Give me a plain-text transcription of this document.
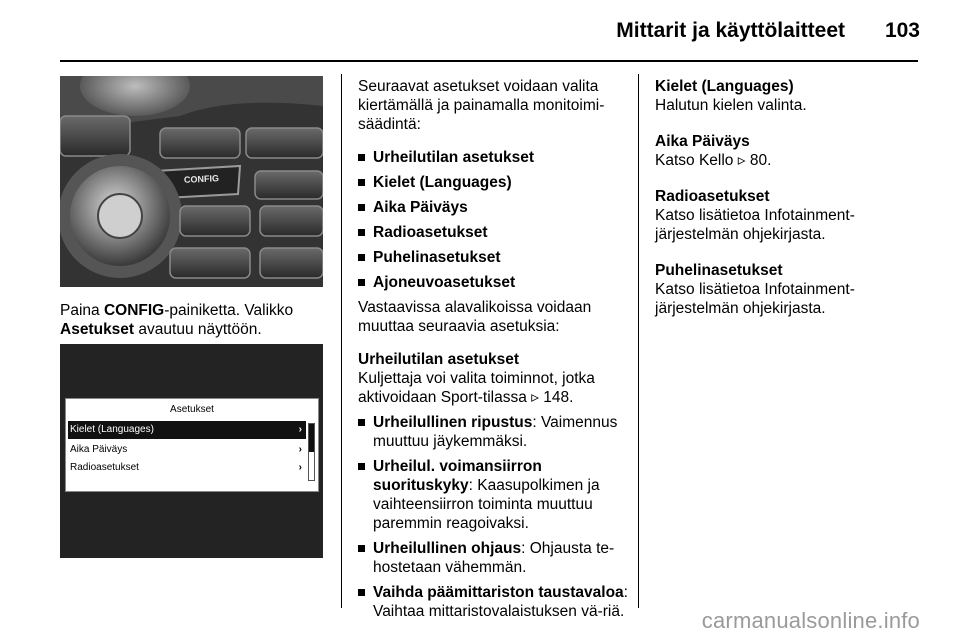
Mittarit ja käyttölaitteet 103
CONFIG

Paina CONFIG-painiketta. Valikko
Asetukset avautuu näyttöön.

Asetukset
Kielet (Languages)	›
Aika Päiväys	›
Radioasetukset	›

Seuraavat asetukset voidaan valita kiertämällä ja painamalla monitoimi-säädintä:

Urheilutilan asetukset
Kielet (Languages)
Aika Päiväys
Radioasetukset
Puhelinasetukset
Ajoneuvoasetukset

Vastaavissa alavalikoissa voidaan muuttaa seuraavia asetuksia:

Urheilutilan asetukset
Kuljettaja voi valita toiminnot, jotka aktivoidaan Sport-tilassa ▹ 148.

Urheilullinen ripustus: Vaimennus muuttuu jäykemmäksi.
Urheilul. voimansiirron suorituskyky: Kaasupolkimen ja vaihteensiirron toiminta muuttuu paremmin reagoivaksi.
Urheilullinen ohjaus: Ohjausta te-hostetaan vähemmän.
Vaihda päämittariston taustavaloa: Vaihtaa mittaristovalaistuksen vä-riä.

Kielet (Languages)
Halutun kielen valinta.

Aika Päiväys
Katso Kello ▹ 80.

Radioasetukset
Katso lisätietoa Infotainment-järjestelmän ohjekirjasta.

Puhelinasetukset
Katso lisätietoa Infotainment-järjestelmän ohjekirjasta.

carmanualsonline.info
